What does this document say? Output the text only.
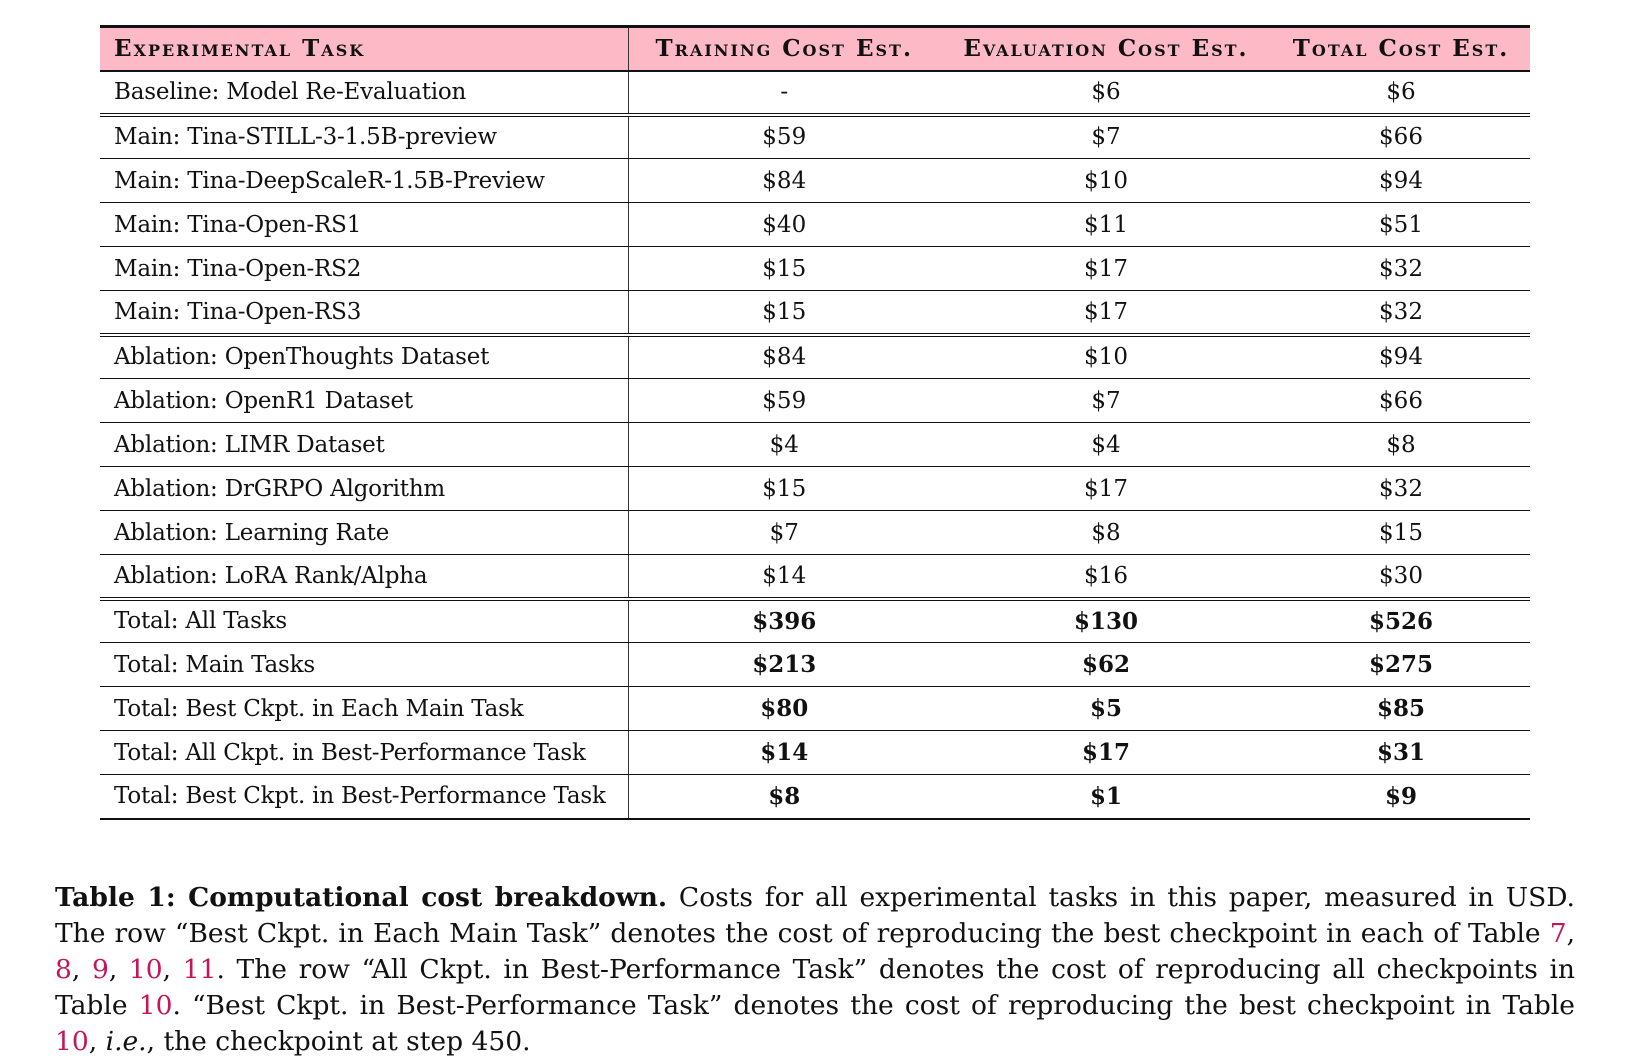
Experimental Task	Training Cost Est.	Evaluation Cost Est.	Total Cost Est.
Baseline: Model Re-Evaluation	-	$6	$6
Main: Tina-STILL-3-1.5B-preview	$59	$7	$66
Main: Tina-DeepScaleR-1.5B-Preview	$84	$10	$94
Main: Tina-Open-RS1	$40	$11	$51
Main: Tina-Open-RS2	$15	$17	$32
Main: Tina-Open-RS3	$15	$17	$32
Ablation: OpenThoughts Dataset	$84	$10	$94
Ablation: OpenR1 Dataset	$59	$7	$66
Ablation: LIMR Dataset	$4	$4	$8
Ablation: DrGRPO Algorithm	$15	$17	$32
Ablation: Learning Rate	$7	$8	$15
Ablation: LoRA Rank/Alpha	$14	$16	$30
Total: All Tasks	$396	$130	$526
Total: Main Tasks	$213	$62	$275
Total: Best Ckpt. in Each Main Task	$80	$5	$85
Total: All Ckpt. in Best-Performance Task	$14	$17	$31
Total: Best Ckpt. in Best-Performance Task	$8	$1	$9
Table 1: Computational cost breakdown. Costs for all experimental tasks in this paper, measured in USD. The row “Best Ckpt. in Each Main Task” denotes the cost of reproducing the best checkpoint in each of Table 7, 8, 9, 10, 11. The row “All Ckpt. in Best-Performance Task” denotes the cost of reproducing all checkpoints in Table 10. “Best Ckpt. in Best-Performance Task” denotes the cost of reproducing the best checkpoint in Table 10, i.e., the checkpoint at step 450.
